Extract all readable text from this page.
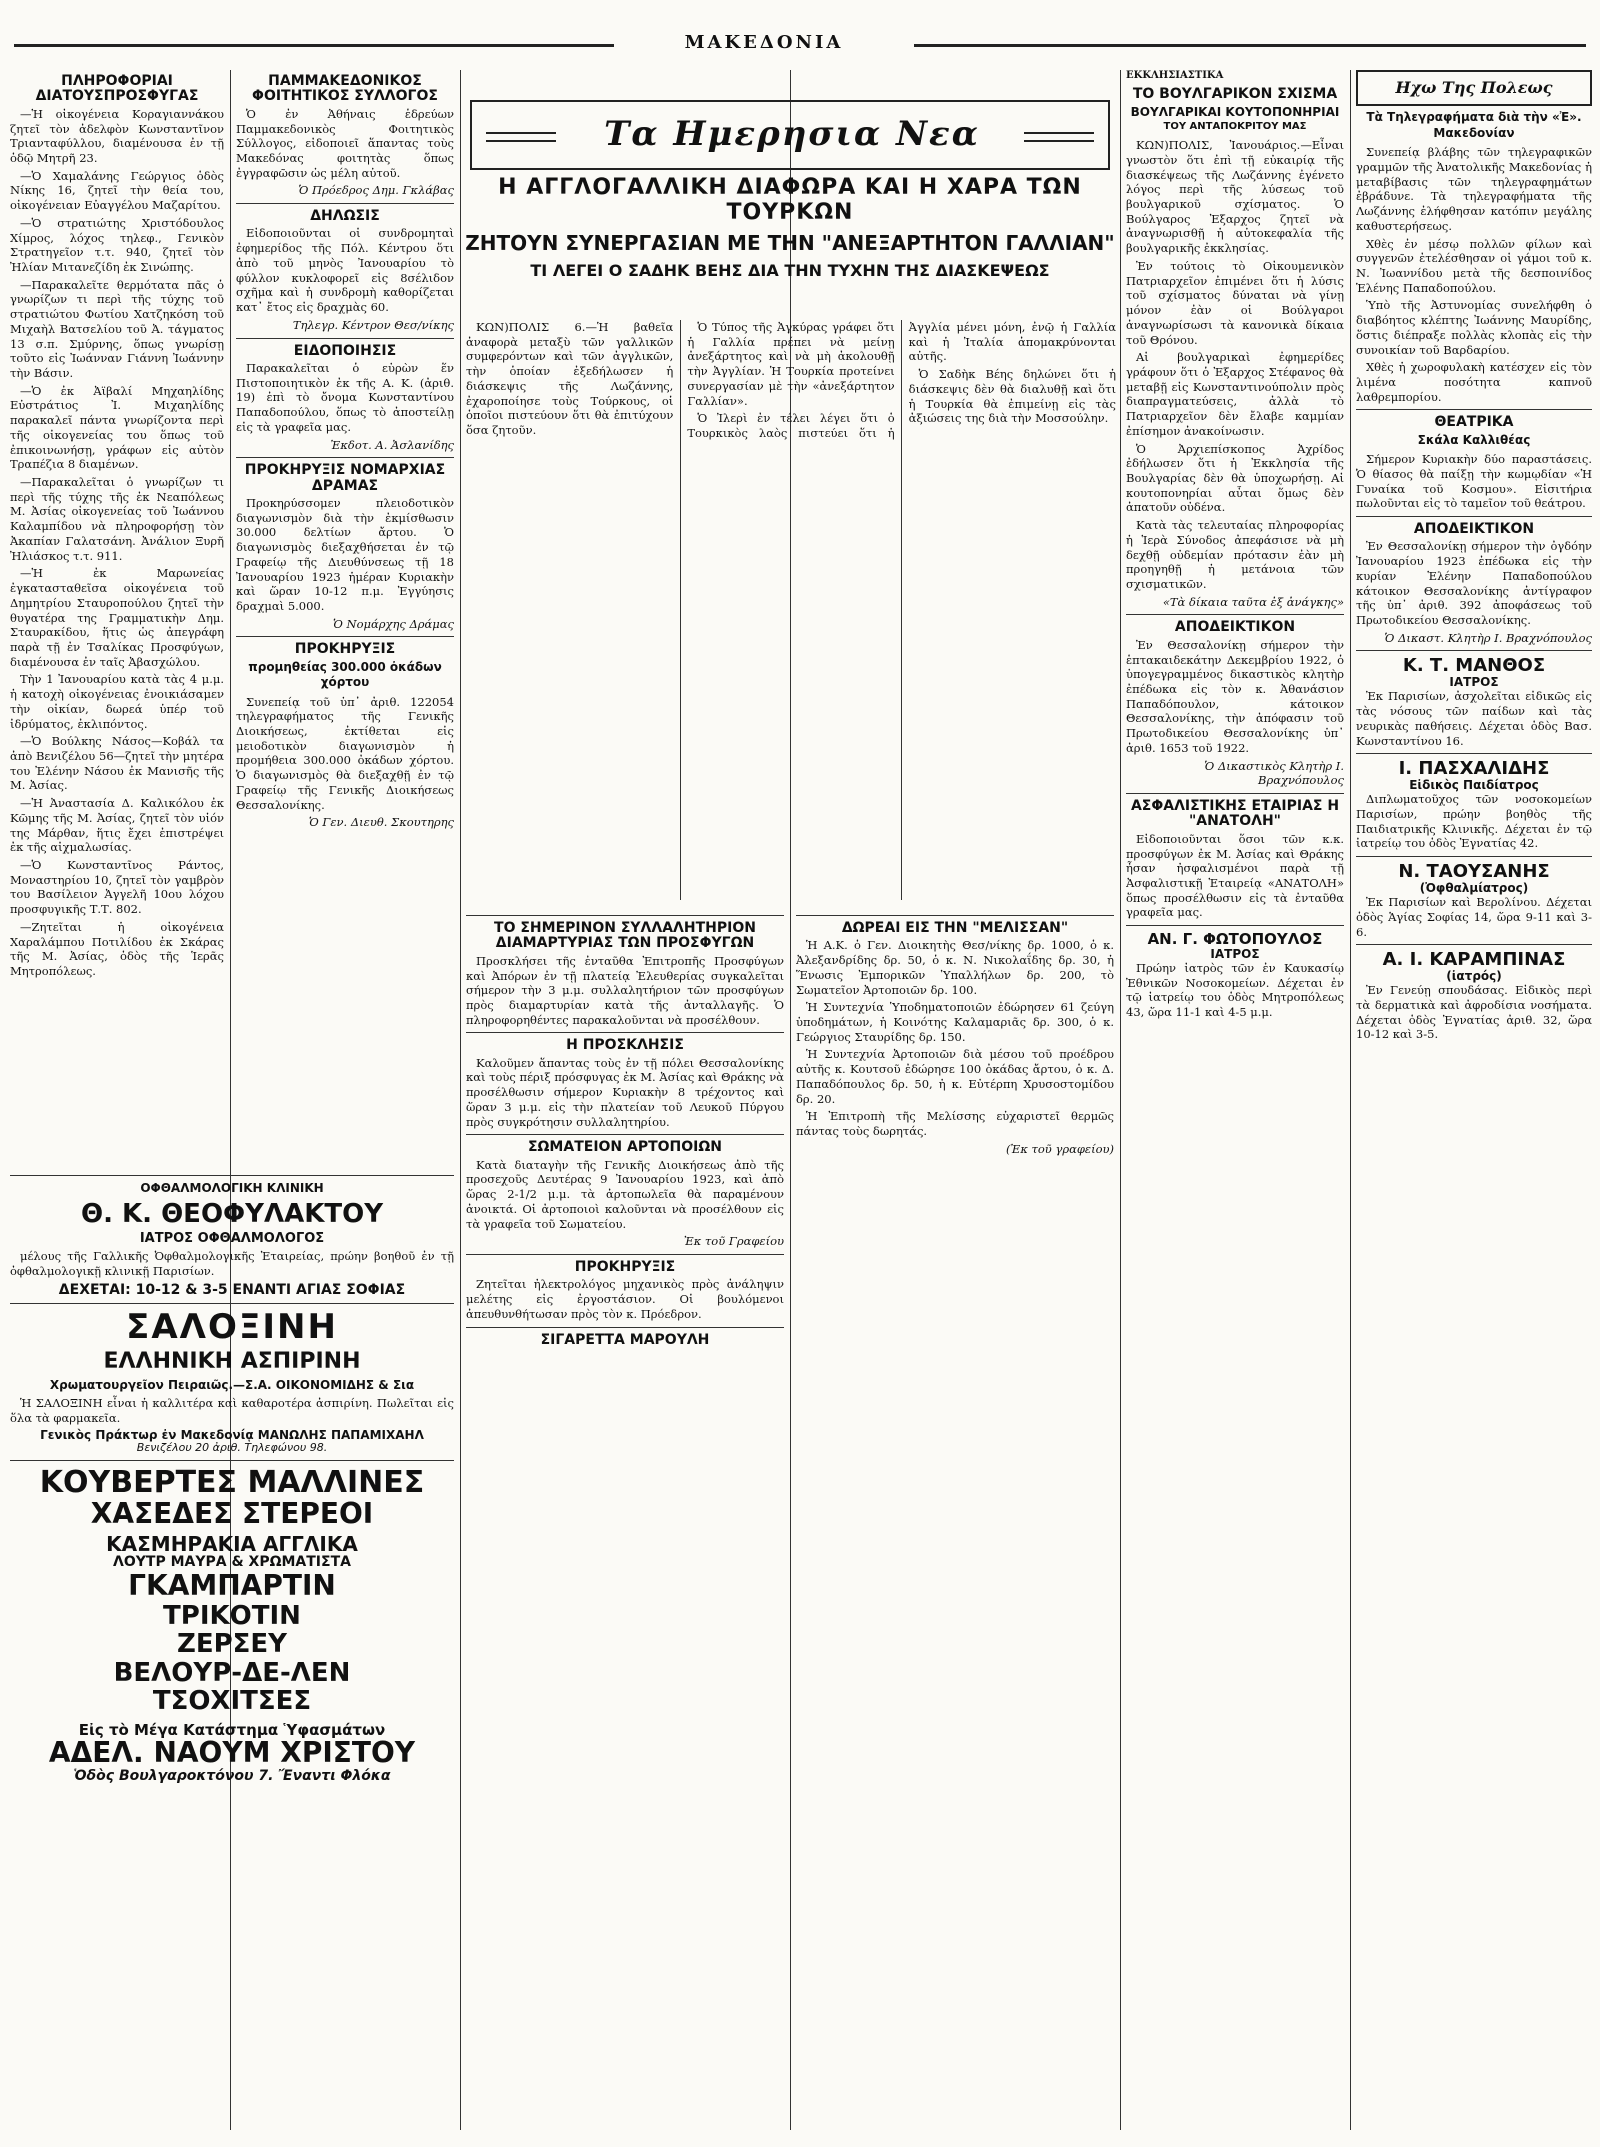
ΜΑΚΕΔΟΝΙΑ
ΠΛΗΡΟΦΟΡΙΑΙ ΔΙΑΤΟΥΣΠΡΟΣΦΥΓΑΣ

—Ἡ οἰκογένεια Κοραγιαννάκου ζητεῖ τὸν ἀδελφὸν Κωνσταντῖνον Τριανταφύλλου, διαμένουσα ἐν τῇ ὁδῷ Μητρῆ 23.

—Ὁ Χαμαλάνης Γεώργιος ὁδὸς Νίκης 16, ζητεῖ τὴν θεία του, οἰκογένειαν Εὐαγγέλου Μαζαρίτου.

—Ὁ στρατιώτης Χριστόδουλος Χίμρος, λόχος τηλεφ., Γενικὸν Στρατηγεῖον τ.τ. 940, ζητεῖ τὸν Ἠλίαν Μιτανεζίδη ἐκ Σινώπης.

—Παρακαλεῖτε θερμότατα πᾶς ὁ γνωρίζων τι περὶ τῆς τύχης τοῦ στρατιώτου Φωτίου Χατζηκόση τοῦ Μιχαὴλ Βατσελίου τοῦ Ἀ. τάγματος 13 σ.π. Σμύρνης, ὅπως γνωρίσῃ τοῦτο εἰς Ἰωάνναν Γιάννη Ἰωάννην τὴν Βάσιν.

—Ὁ ἐκ Ἀϊβαλί Μηχαηλίδης Εὐστράτιος Ἰ. Μιχαηλίδης παρακαλεῖ πάντα γνωρίζοντα περὶ τῆς οἰκογενείας του ὅπως τοῦ ἐπικοινωνήσῃ, γράφων εἰς αὐτὸν Τραπέζια 8 διαμένων.

—Παρακαλεῖται ὁ γνωρίζων τι περὶ τῆς τύχης τῆς ἐκ Νεαπόλεως Μ. Ἀσίας οἰκογενείας τοῦ Ἰωάννου Καλαμπίδου νὰ πληροφορήσῃ τὸν Ἀκαπίαν Γαλατσάνη. Ἀνάλιον Ξυρῆ Ἠλιάσκος τ.τ. 911.

—Ἡ ἐκ Μαρωνείας ἐγκατασταθεῖσα οἰκογένεια τοῦ Δημητρίου Σταυροπούλου ζητεῖ τὴν θυγατέρα της Γραμματικὴν Δημ. Σταυρακίδου, ἥτις ὡς ἀπεγράφη παρὰ τῇ ἐν Τσαλίκας Προσφύγων, διαμένουσα ἐν ταῖς Ἀβασχώλου.

Τὴν 1 Ἰανουαρίου κατὰ τὰς 4 μ.μ. ἡ κατοχὴ οἰκογένειας ἐνοικιάσαμεν τὴν οἰκίαν, δωρεά ὑπέρ τοῦ ἰδρύματος, ἐκλιπόντος.

—Ὁ Βούλκης Νάσος—Κοβάλ τα ἀπὸ Βενιζέλου 56—ζητεῖ τὴν μητέρα του Ἐλένην Νάσου ἐκ Μανισῆς τῆς Μ. Ἀσίας.

—Ἡ Ἀναστασία Δ. Καλικόλου ἐκ Κῶμης τῆς Μ. Ἀσίας, ζητεῖ τὸν υἱόν της Μάρθαν, ἥτις ἔχει ἐπιστρέψει ἐκ τῆς αἰχμαλωσίας.

—Ὁ Κωνσταντῖνος Ράντος, Μοναστηρίου 10, ζητεῖ τὸν γαμβρὸν του Βασίλειον Ἀγγελῆ 10ου λόχου προσφυγικῆς Τ.Τ. 802.

—Ζητεῖται ἡ οἰκογένεια Χαραλάμπου Ποτιλίδου ἐκ Σκάρας τῆς Μ. Ἀσίας, ὁδὸς τῆς Ἱερᾶς Μητροπόλεως.

ΠΑΜΜΑΚΕΔΟΝΙΚΟΣ ΦΟΙΤΗΤΙΚΟΣ ΣΥΛΛΟΓΟΣ

Ὁ ἐν Ἀθήναις ἑδρεύων Παμμακεδονικὸς Φοιτητικὸς Σύλλογος, εἰδοποιεῖ ἅπαντας τοὺς Μακεδόνας φοιτητὰς ὅπως ἐγγραφῶσιν ὡς μέλη αὐτοῦ.

Ὁ Πρόεδρος Δημ. Γκλάβας
ΔΗΛΩΣΙΣ

Εἰδοποιοῦνται οἱ συνδρομηταὶ ἐφημερίδος τῆς Πόλ. Κέντρου ὅτι ἀπὸ τοῦ μηνὸς Ἰανουαρίου τὸ φύλλον κυκλοφορεῖ εἰς 8σέλιδον σχῆμα καὶ ἡ συνδρομὴ καθορίζεται κατ᾽ ἔτος εἰς δραχμὰς 60.

Τηλεγρ. Κέντρον Θεσ/νίκης
ΕΙΔΟΠΟΙΗΣΙΣ

Παρακαλεῖται ὁ εὑρὼν ἕν Πιστοποιητικὸν ἐκ τῆς Α. Κ. (ἀριθ. 19) ἐπὶ τὸ ὄνομα Κωνσταντίνου Παπαδοπούλου, ὅπως τὸ ἀποστείλῃ εἰς τὰ γραφεῖα μας.

Ἐκδοτ. Α. Ἀσλανίδης
ΠΡΟΚΗΡΥΞΙΣ ΝΟΜΑΡΧΙΑΣ ΔΡΑΜΑΣ

Προκηρύσσομεν πλειοδοτικὸν διαγωνισμὸν διὰ τὴν ἐκμίσθωσιν 30.000 δελτίων ἄρτου. Ὁ διαγωνισμὸς διεξαχθήσεται ἐν τῷ Γραφείῳ τῆς Διευθύνσεως τῇ 18 Ἰανουαρίου 1923 ἡμέραν Κυριακὴν καὶ ὥραν 10-12 π.μ. Ἐγγύησις δραχμαὶ 5.000.

Ὁ Νομάρχης Δράμας
ΠΡΟΚΗΡΥΞΙΣ
προμηθείας 300.000 ὀκάδων χόρτου

Συνεπείᾳ τοῦ ὑπ᾽ ἀριθ. 122054 τηλεγραφήματος τῆς Γενικῆς Διοικήσεως, ἐκτίθεται εἰς μειοδοτικὸν διαγωνισμὸν ἡ προμήθεια 300.000 ὀκάδων χόρτου. Ὁ διαγωνισμὸς θὰ διεξαχθῇ ἐν τῷ Γραφείῳ τῆς Γενικῆς Διοικήσεως Θεσσαλονίκης.

Ὁ Γεν. Διευθ. Σκουτηρης
ΟΦΘΑΛΜΟΛΟΓΙΚΗ ΚΛΙΝΙΚΗ
Θ. Κ. ΘΕΟΦΥΛΑΚΤΟΥ
ΙΑΤΡΟΣ ΟΦΘΑΛΜΟΛΟΓΟΣ

μέλους τῆς Γαλλικῆς Ὀφθαλμολογικῆς Ἑταιρείας, πρώην βοηθοῦ ἐν τῇ ὀφθαλμολογικῇ κλινικῇ Παρισίων.

ΔΕΧΕΤΑΙ: 10-12 & 3-5 ΕΝΑΝΤΙ ΑΓΙΑΣ ΣΟΦΙΑΣ
ΣΑΛΟΞΙΝΗ
ΕΛΛΗΝΙΚΗ ΑΣΠΙΡΙΝΗ
Χρωματουργεῖον Πειραιῶς.—Σ.Α. ΟΙΚΟΝΟΜΙΔΗΣ & Σια

Ἡ ΣΑΛΟΞΙΝΗ εἶναι ἡ καλλιτέρα καὶ καθαροτέρα ἀσπιρίνη. Πωλεῖται εἰς ὅλα τὰ φαρμακεῖα.

Γενικὸς Πράκτωρ ἐν Μακεδονίᾳ ΜΑΝΩΛΗΣ ΠΑΠΑΜΙΧΑΗΛ
Βενιζέλου 20 ἀριθ. Τηλεφώνου 98.
ΚΟΥΒΕΡΤΕΣ ΜΑΛΛΙΝΕΣ
ΧΑΣΕΔΕΣ ΣΤΕΡΕΟΙ
ΚΑΣΜΗΡΑΚΙΑ ΑΓΓΛΙΚΑ
ΛΟΥΤΡ ΜΑΥΡΑ & ΧΡΩΜΑΤΙΣΤΑ
ΓΚΑΜΠΑΡΤΙΝ
ΤΡΙΚΟΤΙΝ
ΖΕΡΣΕΥ
ΒΕΛΟΥΡ-ΔΕ-ΛΕΝ
ΤΣΟΧΙΤΣΕΣ
Εἰς τὸ Μέγα Κατάστημα Ὑφασμάτων
ΑΔΕΛ. ΝΑΟΥΜ ΧΡΙΣΤΟΥ
Ὁδὸς Βουλγαροκτόνου 7. Ἔναντι Φλόκα
Τα Ημερησια Νεα
Η ΑΓΓΛΟΓΑΛΛΙΚΗ ΔΙΑΦΩΡΑ ΚΑΙ Η ΧΑΡΑ ΤΩΝ ΤΟΥΡΚΩΝ
ΖΗΤΟΥΝ ΣΥΝΕΡΓΑΣΙΑΝ ΜΕ ΤΗΝ "ΑΝΕΞΑΡΤΗΤΟΝ ΓΑΛΛΙΑΝ"
ΤΙ ΛΕΓΕΙ Ο ΣΑΔΗΚ ΒΕΗΣ ΔΙΑ ΤΗΝ ΤΥΧΗΝ ΤΗΣ ΔΙΑΣΚΕΨΕΩΣ

ΚΩΝ)ΠΟΛΙΣ 6.—Ἡ βαθεῖα ἀναφορὰ μεταξὺ τῶν γαλλικῶν συμφερόντων καὶ τῶν ἀγγλικῶν, τὴν ὁποίαν ἐξεδήλωσεν ἡ διάσκεψις τῆς Λωζάννης, ἐχαροποίησε τοὺς Τούρκους, οἱ ὁποῖοι πιστεύουν ὅτι θὰ ἐπιτύχουν ὅσα ζητοῦν.

Ὁ Τύπος τῆς Ἀγκύρας γράφει ὅτι ἡ Γαλλία πρέπει νὰ μείνῃ ἀνεξάρτητος καὶ νὰ μὴ ἀκολουθῇ τὴν Ἀγγλίαν. Ἡ Τουρκία προτείνει συνεργασίαν μὲ τὴν «ἀνεξάρτητον Γαλλίαν».

Ὁ Ἰλερὶ ἐν τέλει λέγει ὅτι ὁ Τουρκικὸς λαὸς πιστεύει ὅτι ἡ Ἀγγλία μένει μόνη, ἐνῷ ἡ Γαλλία καὶ ἡ Ἰταλία ἀπομακρύνονται αὐτῆς.

Ὁ Σαδὴκ Βέης δηλώνει ὅτι ἡ διάσκεψις δὲν θὰ διαλυθῇ καὶ ὅτι ἡ Τουρκία θὰ ἐπιμείνῃ εἰς τὰς ἀξιώσεις της διὰ τὴν Μοσσούλην.

ΤΟ ΣΗΜΕΡΙΝΟΝ ΣΥΛΛΑΛΗΤΗΡΙΟΝ ΔΙΑΜΑΡΤΥΡΙΑΣ ΤΩΝ ΠΡΟΣΦΥΓΩΝ

Προσκλήσει τῆς ἐνταῦθα Ἐπιτροπῆς Προσφύγων καὶ Ἀπόρων ἐν τῇ πλατείᾳ Ἐλευθερίας συγκαλεῖται σήμερον τὴν 3 μ.μ. συλλαλητήριον τῶν προσφύγων πρὸς διαμαρτυρίαν κατὰ τῆς ἀνταλλαγῆς. Ὁ πληροφορηθέντες παρακαλοῦνται νὰ προσέλθουν.

Η ΠΡΟΣΚΛΗΣΙΣ

Καλοῦμεν ἅπαντας τοὺς ἐν τῇ πόλει Θεσσαλονίκης καὶ τοὺς πέριξ πρόσφυγας ἐκ Μ. Ἀσίας καὶ Θράκης νὰ προσέλθωσιν σήμερον Κυριακὴν 8 τρέχοντος καὶ ὥραν 3 μ.μ. εἰς τὴν πλατείαν τοῦ Λευκοῦ Πύργου πρὸς συγκρότησιν συλλαλητηρίου.

ΣΩΜΑΤΕΙΟΝ ΑΡΤΟΠΟΙΩΝ

Κατὰ διαταγὴν τῆς Γενικῆς Διοικήσεως ἀπὸ τῆς προσεχοῦς Δευτέρας 9 Ἰανουαρίου 1923, καὶ ἀπὸ ὥρας 2-1/2 μ.μ. τὰ ἀρτοπωλεῖα θὰ παραμένουν ἀνοικτά. Οἱ ἀρτοποιοὶ καλοῦνται νὰ προσέλθουν εἰς τὰ γραφεῖα τοῦ Σωματείου.

Ἐκ τοῦ Γραφείου
ΠΡΟΚΗΡΥΞΙΣ

Ζητεῖται ἠλεκτρολόγος μηχανικὸς πρὸς ἀνάληψιν μελέτης εἰς ἐργοστάσιον. Οἱ βουλόμενοι ἀπευθυνθήτωσαν πρὸς τὸν κ. Πρόεδρον.

ΣΙΓΑΡΕΤΤΑ ΜΑΡΟΥΛΗ
ΔΩΡΕΑΙ ΕΙΣ ΤΗΝ "ΜΕΛΙΣΣΑΝ"

Ἡ Α.Κ. ὁ Γεν. Διοικητὴς Θεσ/νίκης δρ. 1000, ὁ κ. Ἀλεξανδρίδης δρ. 50, ὁ κ. Ν. Νικολαΐδης δρ. 30, ἡ Ἕνωσις Ἐμπορικῶν Ὑπαλλήλων δρ. 200, τὸ Σωματεῖον Ἀρτοποιῶν δρ. 100.

Ἡ Συντεχνία Ὑποδηματοποιῶν ἐδώρησεν 61 ζεύγη ὑποδημάτων, ἡ Κοινότης Καλαμαριᾶς δρ. 300, ὁ κ. Γεώργιος Σταυρίδης δρ. 150.

Ἡ Συντεχνία Ἀρτοποιῶν διὰ μέσου τοῦ προέδρου αὐτῆς κ. Κουτσοῦ ἐδώρησε 100 ὀκάδας ἄρτου, ὁ κ. Δ. Παπαδόπουλος δρ. 50, ἡ κ. Εὐτέρπη Χρυσοστομίδου δρ. 20.

Ἡ Ἐπιτροπὴ τῆς Μελίσσης εὐχαριστεῖ θερμῶς πάντας τοὺς δωρητάς.

(Ἐκ τοῦ γραφείου)
ΕΚΚΛΗΣΙΑΣΤΙΚΑ
ΤΟ ΒΟΥΛΓΑΡΙΚΟΝ ΣΧΙΣΜΑ
ΒΟΥΛΓΑΡΙΚΑΙ ΚΟΥΤΟΠΟΝΗΡΙΑΙ
ΤΟΥ ΑΝΤΑΠΟΚΡΙΤΟΥ ΜΑΣ

ΚΩΝ)ΠΟΛΙΣ, Ἰανουάριος.—Εἶναι γνωστὸν ὅτι ἐπὶ τῇ εὐκαιρίᾳ τῆς διασκέψεως τῆς Λωζάννης ἐγένετο λόγος περὶ τῆς λύσεως τοῦ βουλγαρικοῦ σχίσματος. Ὁ Βούλγαρος Ἐξαρχος ζητεῖ νὰ ἀναγνωρισθῇ ἡ αὐτοκεφαλία τῆς βουλγαρικῆς ἐκκλησίας.

Ἐν τούτοις τὸ Οἰκουμενικὸν Πατριαρχεῖον ἐπιμένει ὅτι ἡ λύσις τοῦ σχίσματος δύναται νὰ γίνῃ μόνον ἐὰν οἱ Βούλγαροι ἀναγνωρίσωσι τὰ κανονικὰ δίκαια τοῦ Θρόνου.

Αἱ βουλγαρικαὶ ἐφημερίδες γράφουν ὅτι ὁ Ἐξαρχος Στέφανος θὰ μεταβῇ εἰς Κωνσταντινούπολιν πρὸς διαπραγματεύσεις, ἀλλὰ τὸ Πατριαρχεῖον δὲν ἔλαβε καμμίαν ἐπίσημον ἀνακοίνωσιν.

Ὁ Ἀρχιεπίσκοπος Ἀχρίδος ἐδήλωσεν ὅτι ἡ Ἐκκλησία τῆς Βουλγαρίας δὲν θὰ ὑποχωρήσῃ. Αἱ κουτοπονηρίαι αὗται ὅμως δὲν ἀπατοῦν οὐδένα.

Κατὰ τὰς τελευταίας πληροφορίας ἡ Ἱερὰ Σύνοδος ἀπεφάσισε νὰ μὴ δεχθῇ οὐδεμίαν πρότασιν ἐὰν μὴ προηγηθῇ ἡ μετάνοια τῶν σχισματικῶν.

«Τὰ δίκαια ταῦτα ἐξ ἀνάγκης»
ΑΠΟΔΕΙΚΤΙΚΟΝ

Ἐν Θεσσαλονίκῃ σήμερον τὴν ἑπτακαιδεκάτην Δεκεμβρίου 1922, ὁ ὑπογεγραμμένος δικαστικὸς κλητὴρ ἐπέδωκα εἰς τὸν κ. Ἀθανάσιον Παπαδόπουλον, κάτοικον Θεσσαλονίκης, τὴν ἀπόφασιν τοῦ Πρωτοδικείου Θεσσαλονίκης ὑπ᾽ ἀριθ. 1653 τοῦ 1922.

Ὁ Δικαστικὸς Κλητὴρ Ι. Βραχνόπουλος
ΑΣΦΑΛΙΣΤΙΚΗΣ ΕΤΑΙΡΙΑΣ Η "ΑΝΑΤΟΛΗ"

Εἰδοποιοῦνται ὅσοι τῶν κ.κ. προσφύγων ἐκ Μ. Ἀσίας καὶ Θράκης ἦσαν ἠσφαλισμένοι παρὰ τῇ Ἀσφαλιστικῇ Ἑταιρείᾳ «ΑΝΑΤΟΛΗ» ὅπως προσέλθωσιν εἰς τὰ ἐνταῦθα γραφεῖα μας.

ΑΝ. Γ. ΦΩΤΟΠΟΥΛΟΣ
ΙΑΤΡΟΣ

Πρώην ἰατρὸς τῶν ἐν Καυκασίῳ Ἐθνικῶν Νοσοκομείων. Δέχεται ἐν τῷ ἰατρείῳ του ὁδὸς Μητροπόλεως 43, ὥρα 11-1 καὶ 4-5 μ.μ.

Ηχω Της Πολεως
Τὰ Τηλεγραφήματα διὰ τὴν «Ἐ». Μακεδονίαν

Συνεπείᾳ βλάβης τῶν τηλεγραφικῶν γραμμῶν τῆς Ἀνατολικῆς Μακεδονίας ἡ μεταβίβασις τῶν τηλεγραφημάτων ἐβράδυνε. Τὰ τηλεγραφήματα τῆς Λωζάννης ἐλήφθησαν κατόπιν μεγάλης καθυστερήσεως.

Χθὲς ἐν μέσῳ πολλῶν φίλων καὶ συγγενῶν ἐτελέσθησαν οἱ γάμοι τοῦ κ. Ν. Ἰωαννίδου μετὰ τῆς δεσποινίδος Ἑλένης Παπαδοπούλου.

Ὑπὸ τῆς Ἀστυνομίας συνελήφθη ὁ διαβόητος κλέπτης Ἰωάννης Μαυρίδης, ὅστις διέπραξε πολλὰς κλοπὰς εἰς τὴν συνοικίαν τοῦ Βαρδαρίου.

Χθὲς ἡ χωροφυλακὴ κατέσχεν εἰς τὸν λιμένα ποσότητα καπνοῦ λαθρεμπορίου.

ΘΕΑΤΡΙΚΑ
Σκάλα Καλλιθέας

Σήμερον Κυριακὴν δύο παραστάσεις. Ὁ θίασος θὰ παίξῃ τὴν κωμῳδίαν «Ἡ Γυναίκα τοῦ Κοσμου». Εἰσιτήρια πωλοῦνται εἰς τὸ ταμεῖον τοῦ θεάτρου.

ΑΠΟΔΕΙΚΤΙΚΟΝ

Ἐν Θεσσαλονίκῃ σήμερον τὴν ὀγδόην Ἰανουαρίου 1923 ἐπέδωκα εἰς τὴν κυρίαν Ἑλένην Παπαδοπούλου κάτοικον Θεσσαλονίκης ἀντίγραφον τῆς ὑπ᾽ ἀριθ. 392 ἀποφάσεως τοῦ Πρωτοδικείου Θεσσαλονίκης.

Ὁ Δικαστ. Κλητὴρ Ι. Βραχνόπουλος
Κ. Τ. ΜΑΝΘΟΣ
ΙΑΤΡΟΣ

Ἐκ Παρισίων, ἀσχολεῖται εἰδικῶς εἰς τὰς νόσους τῶν παίδων καὶ τὰς νευρικὰς παθήσεις. Δέχεται ὁδὸς Βασ. Κωνσταντίνου 16.

Ι. ΠΑΣΧΑΛΙΔΗΣ
Εἰδικὸς Παιδίατρος

Διπλωματοῦχος τῶν νοσοκομείων Παρισίων, πρώην βοηθὸς τῆς Παιδιατρικῆς Κλινικῆς. Δέχεται ἐν τῷ ἰατρείῳ του ὁδὸς Ἐγνατίας 42.

Ν. ΤΑΟΥΣΑΝΗΣ
(Ὀφθαλμίατρος)

Ἐκ Παρισίων καὶ Βερολίνου. Δέχεται ὁδὸς Ἁγίας Σοφίας 14, ὥρα 9-11 καὶ 3-6.

Α. Ι. ΚΑΡΑΜΠΙΝΑΣ
(ἰατρός)

Ἐν Γενεύῃ σπουδάσας. Εἰδικὸς περὶ τὰ δερματικὰ καὶ ἀφροδίσια νοσήματα. Δέχεται ὁδὸς Ἐγνατίας ἀριθ. 32, ὥρα 10-12 καὶ 3-5.
